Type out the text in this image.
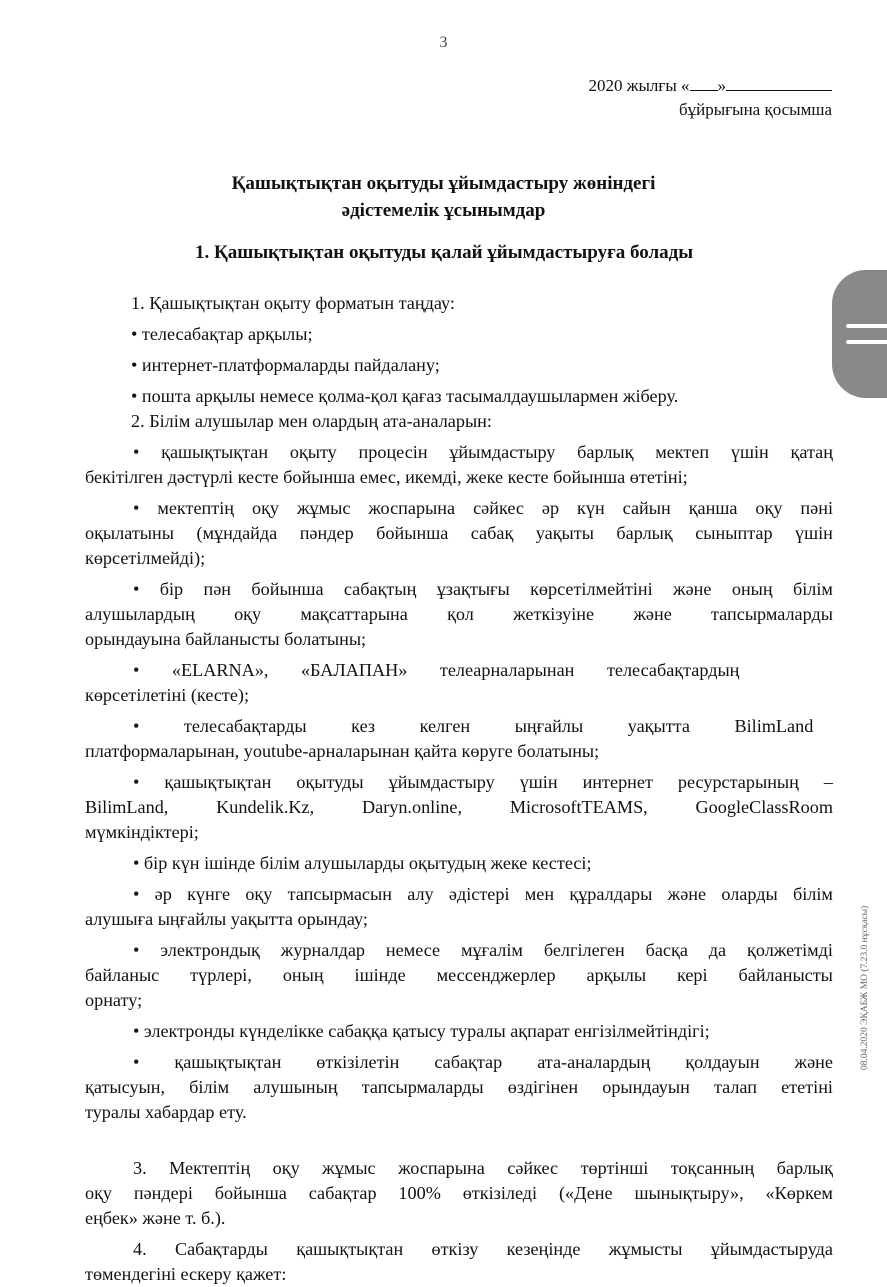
3
2020 жылғы « »
бұйрығына қосымша
Қашықтықтан оқытуды ұйымдастыру жөніндегі
әдістемелік ұсынымдар
1. Қашықтықтан оқытуды қалай ұйымдастыруға болады
1. Қашықтықтан оқыту форматын таңдау:
• телесабақтар арқылы;
• интернет-платформаларды пайдалану;
• пошта арқылы немесе қолма-қол қағаз тасымалдаушылармен жіберу.
2. Білім алушылар мен олардың ата-аналарын:
• қашықтықтан оқыту процесін ұйымдастыру барлық мектеп үшін қатаң
бекітілген дәстүрлі кесте бойынша емес, икемді, жеке кесте бойынша өтетіні;
• мектептің оқу жұмыс жоспарына сәйкес әр күн сайын қанша оқу пәні
оқылатыны (мұндайда пәндер бойынша сабақ уақыты барлық сыныптар үшін
көрсетілмейді);
• бір пән бойынша сабақтың ұзақтығы көрсетілмейтіні және оның білім
алушылардың оқу мақсаттарына қол жеткізуіне және тапсырмаларды
орындауына байланысты болатыны;
• «ELARNA», «БАЛАПАН» телеарналарынан телесабақтардың
көрсетілетіні (кесте);
• телесабақтарды кез келген ыңғайлы уақытта BilimLand
платформаларынан, youtube-арналарынан қайта көруге болатыны;
• қашықтықтан оқытуды ұйымдастыру үшін интернет ресурстарының –
BilimLand,	Kundelik.Kz,	Daryn.online,	MicrosoftTEAMS,	GoogleClassRoom
мүмкіндіктері;
• бір күн ішінде білім алушыларды оқытудың жеке кестесі;
• әр күнге оқу тапсырмасын алу әдістері мен құралдары және оларды білім
алушыға ыңғайлы уақытта орындау;
• электрондық журналдар немесе мұғалім белгілеген басқа да қолжетімді
байланыс түрлері, оның ішінде мессенджерлер арқылы кері байланысты
орнату;
• электронды күнделікке сабаққа қатысу туралы ақпарат енгізілмейтіндігі;
• қашықтықтан өткізілетін сабақтар ата-аналардың қолдауын және
қатысуын, білім алушының тапсырмаларды өздігінен орындауын талап ететіні
туралы хабардар ету.
3. Мектептің оқу жұмыс жоспарына сәйкес төртінші тоқсанның барлық
оқу пәндері бойынша сабақтар 100% өткізіледі («Дене шынықтыру», «Көркем
еңбек» және т. б.).
4. Сабақтарды қашықтықтан өткізу кезеңінде жұмысты ұйымдастыруда
төмендегіні ескеру қажет:
08.04.2020 ЭҚАБЖ МО (7.23.0 нұсқасы)
